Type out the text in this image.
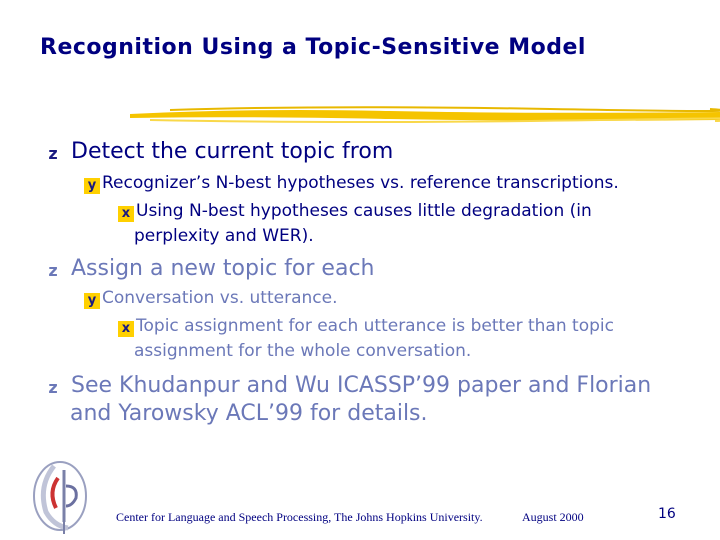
Recognition Using a Topic-Sensitive Model
z Detect the current topic from
y Recognizer’s N-best hypotheses vs. reference transcriptions.
x Using N-best hypotheses causes little degradation (in
perplexity and WER).
z Assign a new topic for each
y Conversation vs. utterance.
x Topic assignment for each utterance is better than topic
assignment for the whole conversation.
z See Khudanpur and Wu ICASSP’99 paper and Florian
and Yarowsky ACL’99 for details.
Center for Language and Speech Processing, The Johns Hopkins University.	August 2000	16
